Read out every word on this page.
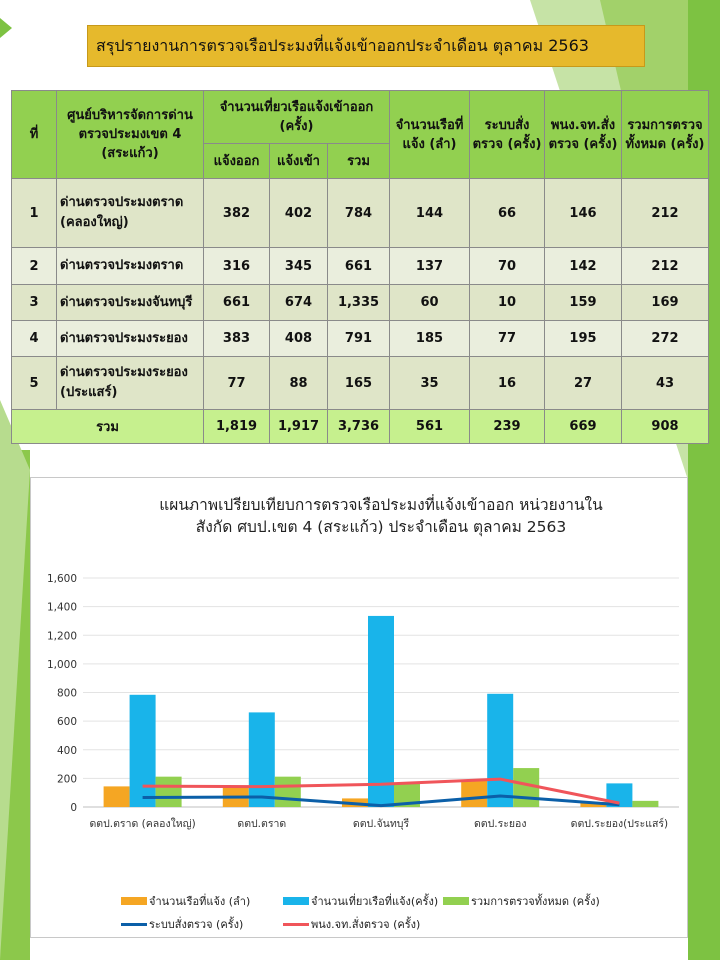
สรุปรายงานการตรวจเรือประมงที่แจ้งเข้าออกประจำเดือน ตุลาคม 2563
ที่	ศูนย์บริหารจัดการด่านตรวจประมงเขต 4 (สระแก้ว)	จำนวนเที่ยวเรือแจ้งเข้าออก (ครั้ง)			จำนวนเรือที่แจ้ง (ลำ)	ระบบสั่งตรวจ (ครั้ง)	พนง.จท.สั่งตรวจ (ครั้ง)	รวมการตรวจทั้งหมด (ครั้ง)
		แจ้งออก	แจ้งเข้า	รวม				
1	ด่านตรวจประมงตราด (คลองใหญ่)	382	402	784	144	66	146	212
2	ด่านตรวจประมงตราด	316	345	661	137	70	142	212
3	ด่านตรวจประมงจันทบุรี	661	674	1,335	60	10	159	169
4	ด่านตรวจประมงระยอง	383	408	791	185	77	195	272
5	ด่านตรวจประมงระยอง (ประแสร์)	77	88	165	35	16	27	43
รวม		1,819	1,917	3,736	561	239	669	908
แผนภาพเปรียบเทียบการตรวจเรือประมงที่แจ้งเข้าออก หน่วยงานใน
สังกัด ศบป.เขต 4 (สระแก้ว) ประจำเดือน ตุลาคม 2563
0
200
400
600
800
1,000
1,200
1,400
1,600
ดตป.ตราด (คลองใหญ่)	ดตป.ตราด	ดตป.จันทบุรี	ดตป.ระยอง	ดตป.ระยอง(ประแสร์)
จำนวนเรือที่แจ้ง (ลำ)	จำนวนเที่ยวเรือที่แจ้ง(ครั้ง)	รวมการตรวจทั้งหมด (ครั้ง)
ระบบสั่งตรวจ (ครั้ง)	พนง.จท.สั่งตรวจ (ครั้ง)
